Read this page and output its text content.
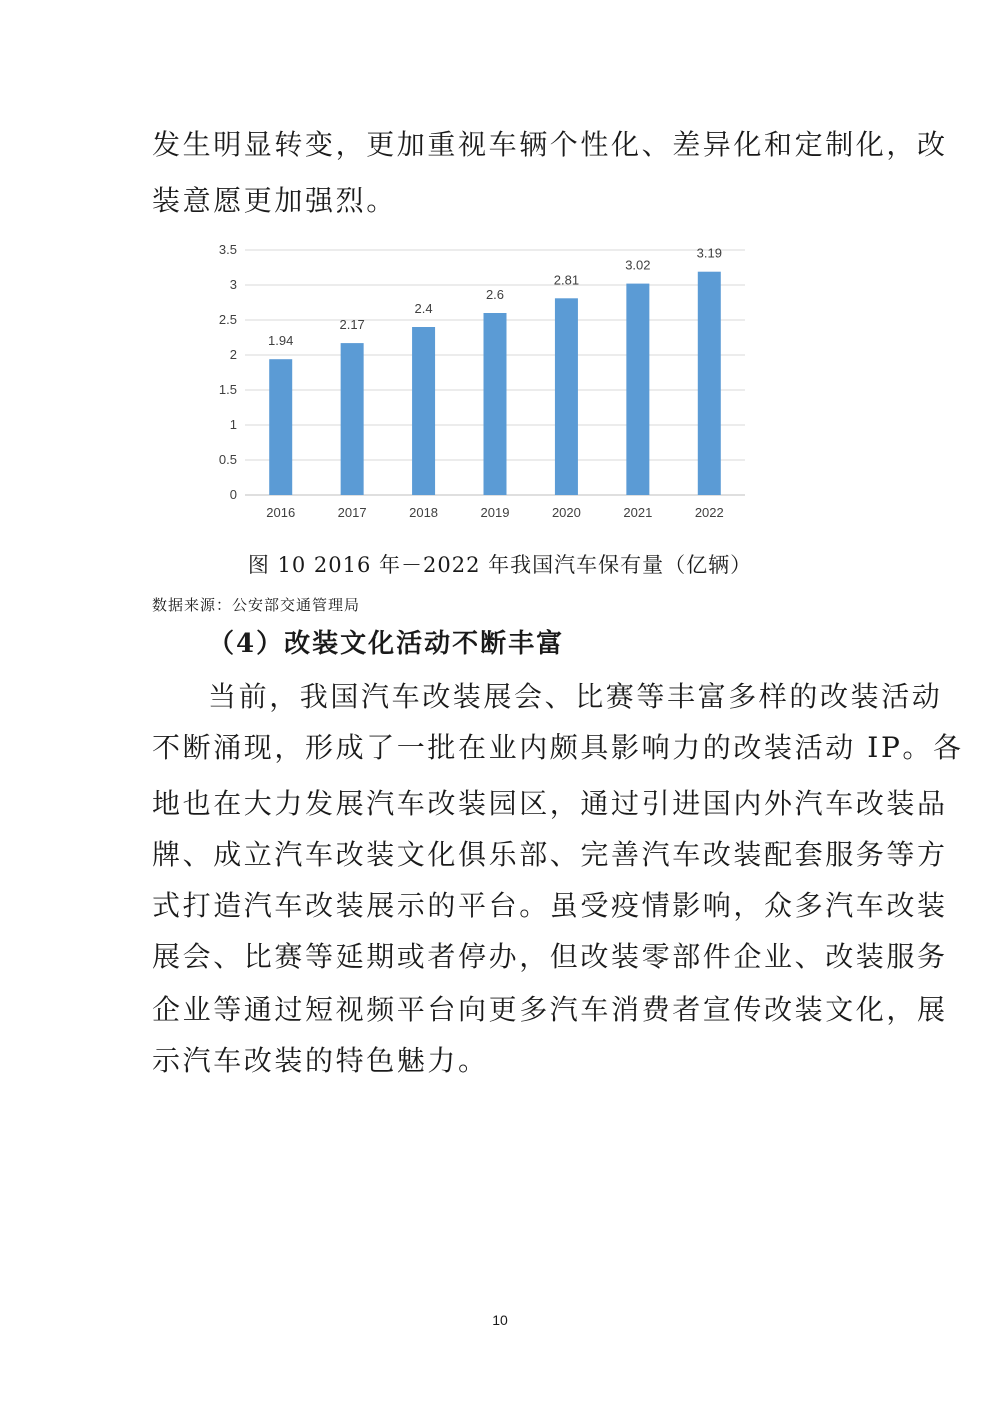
发生明显转变，更加重视车辆个性化、差异化和定制化，改
装意愿更加强烈。
0
0.5
1
1.5
2
2.5
3
3.5
1.94
2016
2.17
2017
2.4
2018
2.6
2019
2.81
2020
3.02
2021
3.19
2022
图 10 2016 年－2022 年我国汽车保有量（亿辆）
数据来源：公安部交通管理局
（4）改装文化活动不断丰富
当前，我国汽车改装展会、比赛等丰富多样的改装活动
不断涌现，形成了一批在业内颇具影响力的改装活动 IP。各
地也在大力发展汽车改装园区，通过引进国内外汽车改装品
牌、成立汽车改装文化俱乐部、完善汽车改装配套服务等方
式打造汽车改装展示的平台。虽受疫情影响，众多汽车改装
展会、比赛等延期或者停办，但改装零部件企业、改装服务
企业等通过短视频平台向更多汽车消费者宣传改装文化，展
示汽车改装的特色魅力。
10
